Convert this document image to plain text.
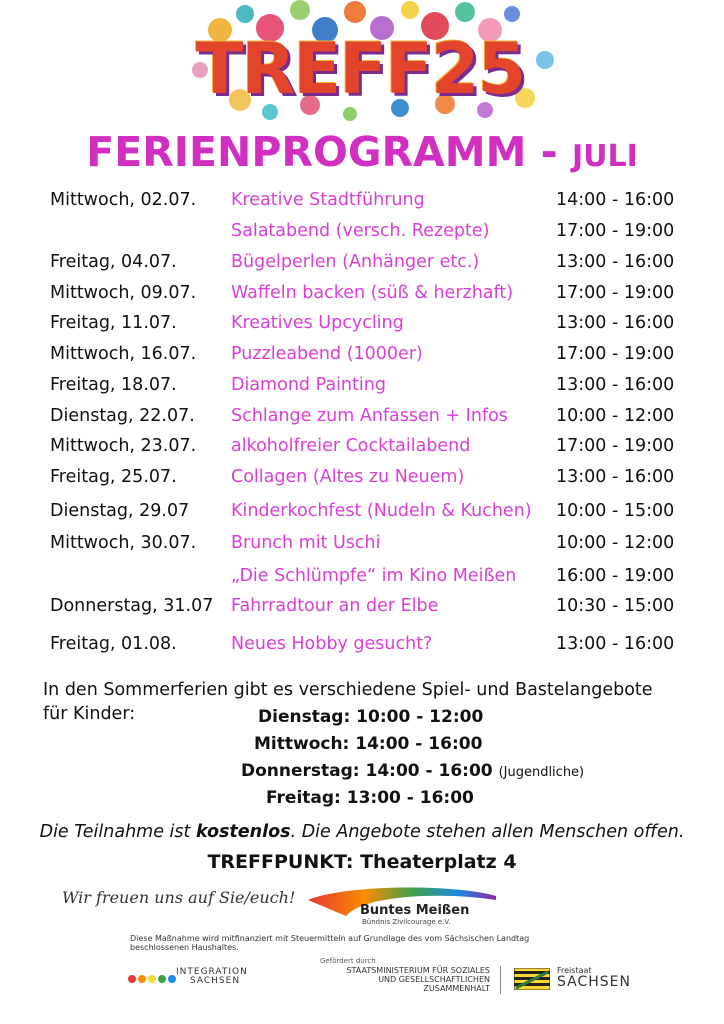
TREFF25
FERIENPROGRAMM - JULI
Mittwoch, 02.07. Kreative Stadtführung	14:00 - 16:00
Salatabend (versch. Rezepte)	17:00 - 19:00
Freitag, 04.07.	Bügelperlen (Anhänger etc.)	13:00 - 16:00
Mittwoch, 09.07. Waffeln backen (süß & herzhaft) 17:00 - 19:00
Freitag, 11.07.	Kreatives Upcycling	13:00 - 16:00
Mittwoch, 16.07. Puzzleabend (1000er)	17:00 - 19:00
Freitag, 18.07.	Diamond Painting	13:00 - 16:00
Dienstag, 22.07. Schlange zum Anfassen + Infos	10:00 - 12:00
Mittwoch, 23.07. alkoholfreier Cocktailabend	17:00 - 19:00
Freitag, 25.07.	Collagen (Altes zu Neuem)	13:00 - 16:00
Dienstag, 29.07 Kinderkochfest (Nudeln & Kuchen) 10:00 - 15:00
Mittwoch, 30.07. Brunch mit Uschi	10:00 - 12:00
„Die Schlümpfe“ im Kino Meißen 16:00 - 19:00
Donnerstag, 31.07 Fahrradtour an der Elbe	10:30 - 15:00
Freitag, 01.08.	Neues Hobby gesucht?	13:00 - 16:00
In den Sommerferien gibt es verschiedene Spiel- und Bastelangebote
für Kinder:	Dienstag: 10:00 - 12:00
Mittwoch: 14:00 - 16:00
Donnerstag: 14:00 - 16:00 (Jugendliche)
Freitag: 13:00 - 16:00
Die Teilnahme ist kostenlos. Die Angebote stehen allen Menschen offen.
TREFFPUNKT: Theaterplatz 4
Wir freuen uns auf Sie/euch!
Buntes Meißen
Bündnis Zivilcourage e.V.
Diese Maßnahme wird mitfinanziert mit Steuermitteln auf Grundlage des vom Sächsischen Landtag
beschlossenen Haushaltes.
Gefördert durch
INTEGRATION
SACHSEN
STAATSMINISTERIUM FÜR SOZIALES
UND GESELLSCHAFTLICHEN
ZUSAMMENHALT
Freistaat
SACHSEN
